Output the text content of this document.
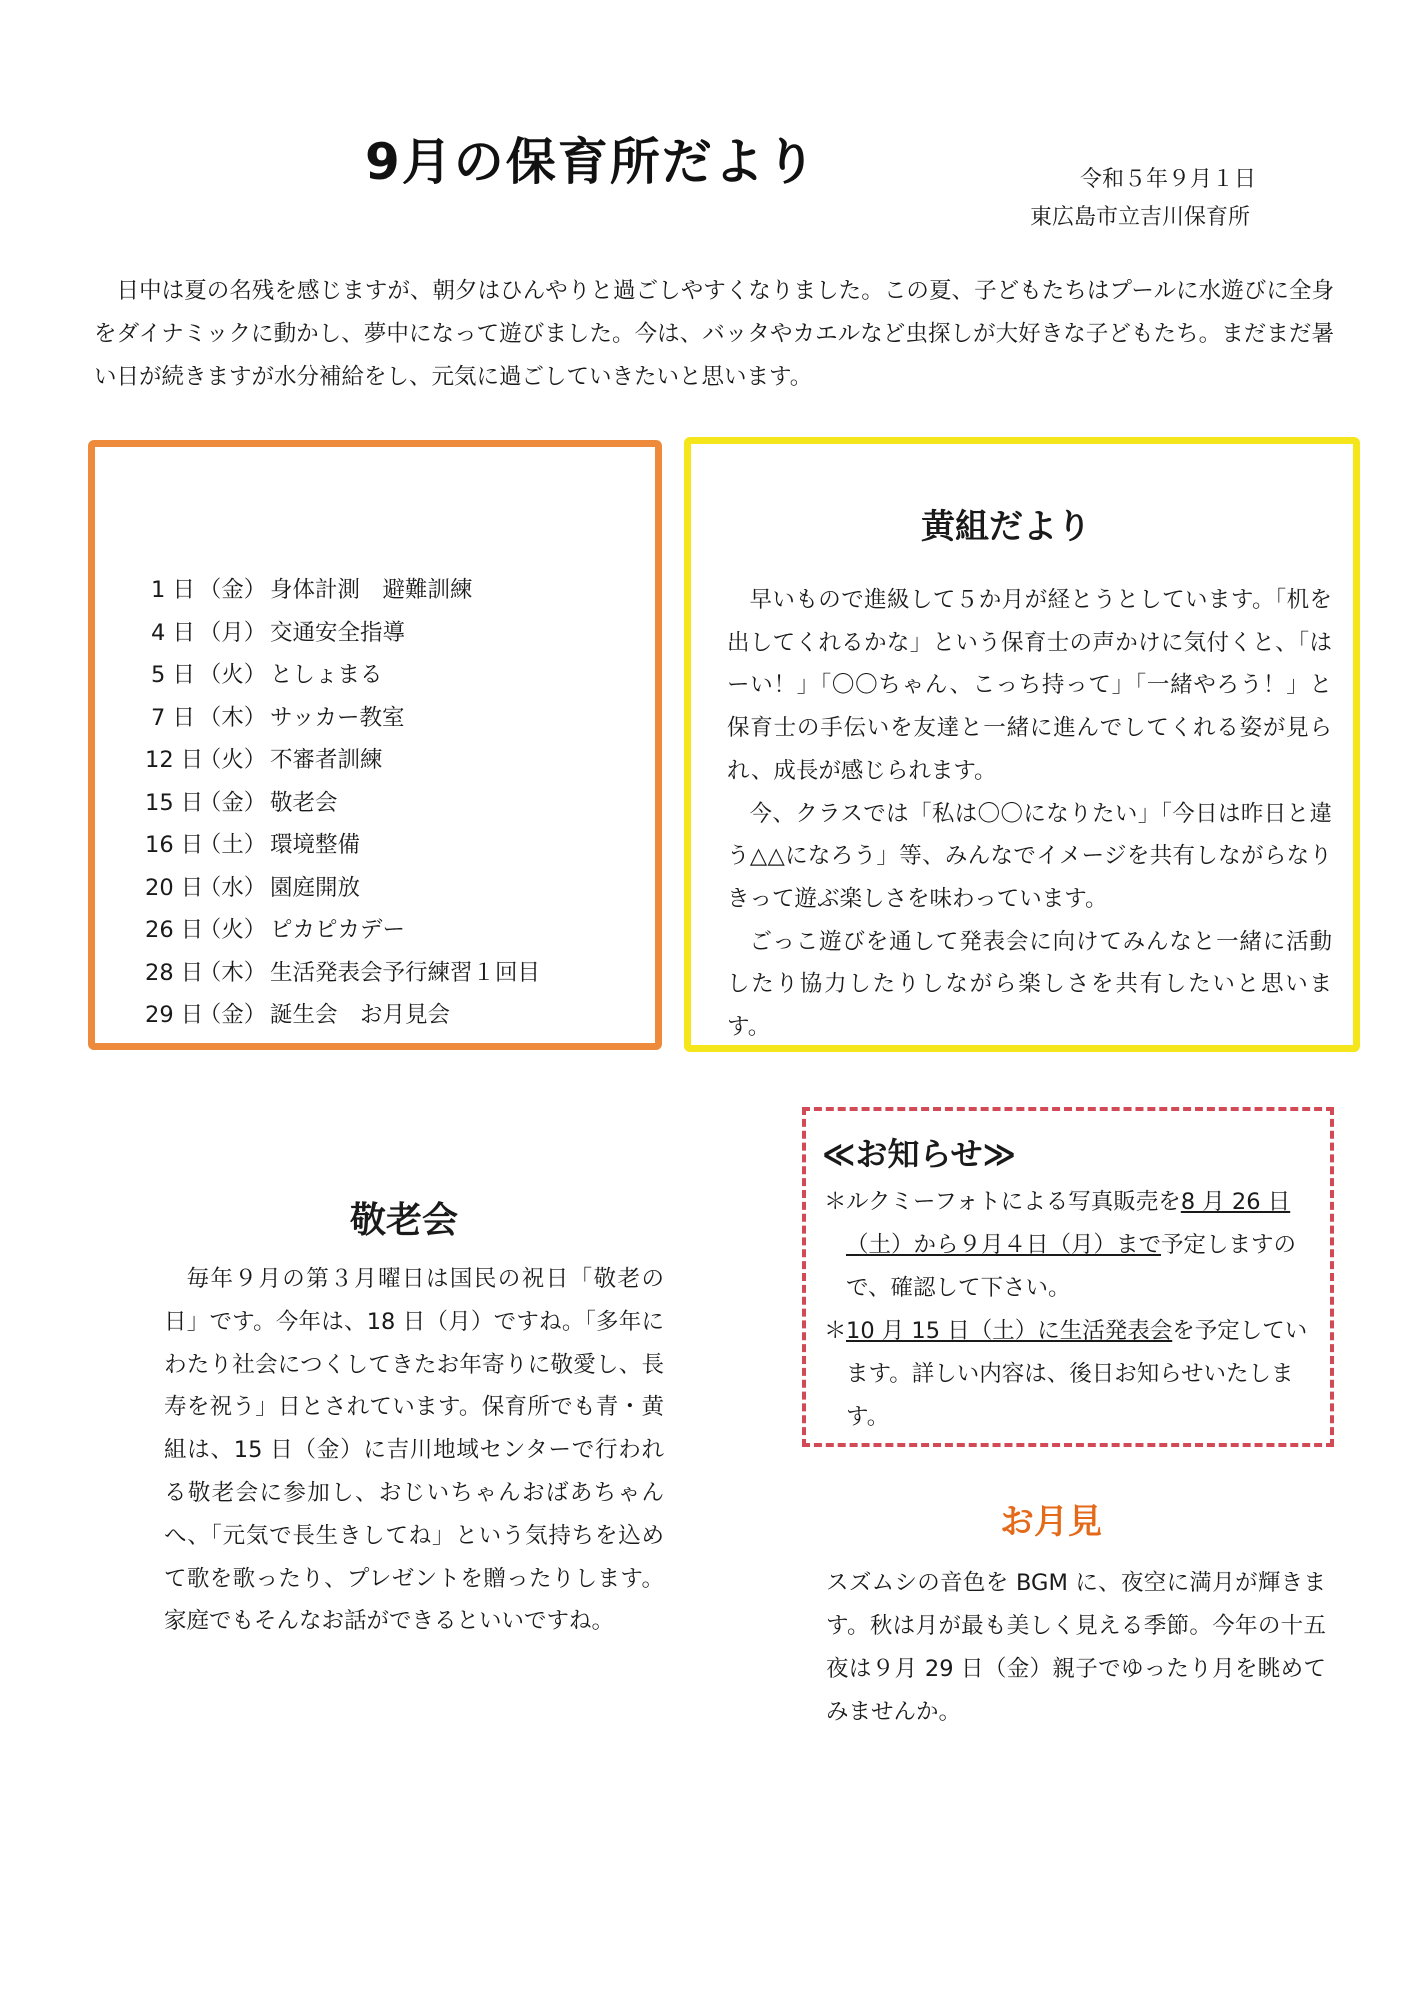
✦	✦	✦
9月の保育所だより	令和５年９月１日
東広島市立吉川保育所

日中は夏の名残を感じますが、朝夕はひんやりと過ごしやすくなりました。この夏、子どもたちはプールに水遊びに全身をダイナミックに動かし、夢中になって遊びました。今は、バッタやカエルなど虫探しが大好きな子どもたち。まだまだ暑い日が続きますが水分補給をし、元気に過ごしていきたいと思います。

9月の予定
1 日 （金） 身体計測　避難訓練
4 日 （月） 交通安全指導
5 日 （火） としょまる
7 日 （木） サッカー教室
12 日（火） 不審者訓練
15 日（金） 敬老会
16 日（土） 環境整備
20 日（水） 園庭開放
26 日（火） ピカピカデー
28 日（木） 生活発表会予行練習１回目
29 日（金） 誕生会　お月見会
黄組だより

早いもので進級して５か月が経とうとしています。「机を出してくれるかな」という保育士の声かけに気付くと、「はーい！」「〇〇ちゃん、こっち持って」「一緒やろう！」と保育士の手伝いを友達と一緒に進んでしてくれる姿が見られ、成長が感じられます。

今、クラスでは「私は〇〇になりたい」「今日は昨日と違う△△になろう」等、みんなでイメージを共有しながらなりきって遊ぶ楽しさを味わっています。

ごっこ遊びを通して発表会に向けてみんなと一緒に活動したり協力したりしながら楽しさを共有したいと思います。

敬老会

毎年９月の第３月曜日は国民の祝日「敬老の日」です。今年は、18 日（月）ですね。「多年にわたり社会につくしてきたお年寄りに敬愛し、長寿を祝う」日とされています。保育所でも青・黄組は、15 日（金）に吉川地域センターで行われる敬老会に参加し、おじいちゃんおばあちゃんへ、「元気で長生きしてね」という気持ちを込めて歌を歌ったり、プレゼントを贈ったりします。家庭でもそんなお話ができるといいですね。

≪お知らせ≫
＊ ルクミーフォトによる写真販売を8 月 26 日（土）から９月４日（月）まで予定しますので、確認して下さい。
＊ 10 月 15 日（土）に生活発表会を予定しています。詳しい内容は、後日お知らせいたします。
お月見

スズムシの音色を BGM に、夜空に満月が輝きます。秋は月が最も美しく見える季節。今年の十五夜は９月 29 日（金）親子でゆったり月を眺めてみませんか。
